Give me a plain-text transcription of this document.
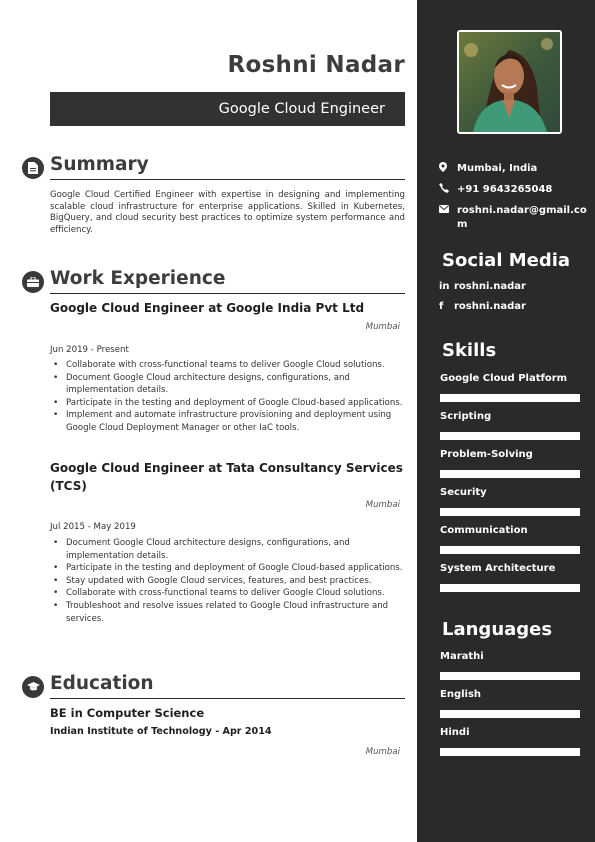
Mumbai, India
+91 9643265048
roshni.nadar@gmail.com
Social Media
in roshni.nadar
f	roshni.nadar
Skills
Google Cloud Platform
Scripting
Problem-Solving
Security
Communication
System Architecture
Languages
Marathi
English
Hindi
Roshni Nadar
Google Cloud Engineer
Summary
Google Cloud Certified Engineer with expertise in designing and implementing scalable cloud infrastructure for enterprise applications. Skilled in Kubernetes, BigQuery, and cloud security best practices to optimize system performance and efficiency.
Work Experience
Google Cloud Engineer at Google India Pvt Ltd
Mumbai
Jun 2019 - Present
• Collaborate with cross-functional teams to deliver Google Cloud solutions.
• Document Google Cloud architecture designs, configurations, and implementation details.
• Participate in the testing and deployment of Google Cloud-based applications.
• Implement and automate infrastructure provisioning and deployment using Google Cloud Deployment Manager or other IaC tools.
Google Cloud Engineer at Tata Consultancy Services (TCS)
Mumbai
Jul 2015 - May 2019
• Document Google Cloud architecture designs, configurations, and implementation details.
• Participate in the testing and deployment of Google Cloud-based applications.
• Stay updated with Google Cloud services, features, and best practices.
• Collaborate with cross-functional teams to deliver Google Cloud solutions.
• Troubleshoot and resolve issues related to Google Cloud infrastructure and services.
Education
BE in Computer Science
Indian Institute of Technology - Apr 2014
Mumbai
